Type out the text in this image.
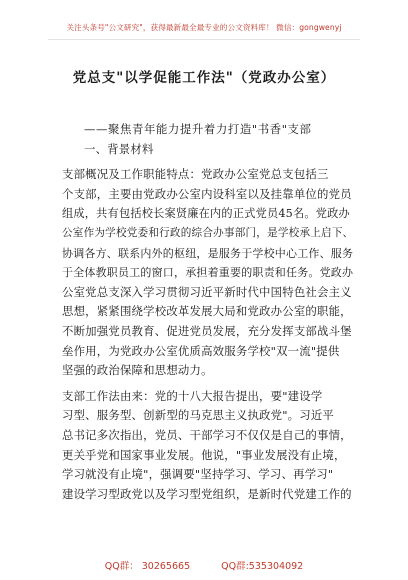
关注头条号"公文研究"，获得最新最全最专业的公文资料库！ 微信：gongwenyj
党总支"以学促能工作法"（党政办公室）
——聚焦青年能力提升着力打造"书香"支部
一、背景材料
支部概况及工作职能特点：党政办公室党总支包括三
个支部，主要由党政办公室内设科室以及挂靠单位的党员
组成，共有包括校长案贤廉在内的正式党员45名。党政办
公室作为学校党委和行政的综合办事部门，是学校承上启下、
协调各方、联系内外的枢纽，是服务于学校中心工作、服务
于全体教职员工的窗口，承担着重要的职责和任务。党政办
公室党总支深入学习贯彻习近平新时代中国特色社会主义
思想，紧紧围绕学校改革发展大局和党政办公室的职能，
不断加强党员教育、促进党员发展，充分发挥支部战斗堡
垒作用，为党政办公室优质高效服务学校"双一流"提供
坚强的政治保障和思想动力。
支部工作法由来：党的十八大报告提出，要"建设学
习型、服务型、创新型的马克思主义执政党"。习近平
总书记多次指出，党员、干部学习不仅仅是自己的事情，
更关乎党和国家事业发展。他说，"事业发展没有止境，
学习就没有止境"，强调要"坚持学习、学习、再学习"
建设学习型政党以及学习型党组织，是新时代党建工作的
QQ群： 30265665	QQ群:535304092
